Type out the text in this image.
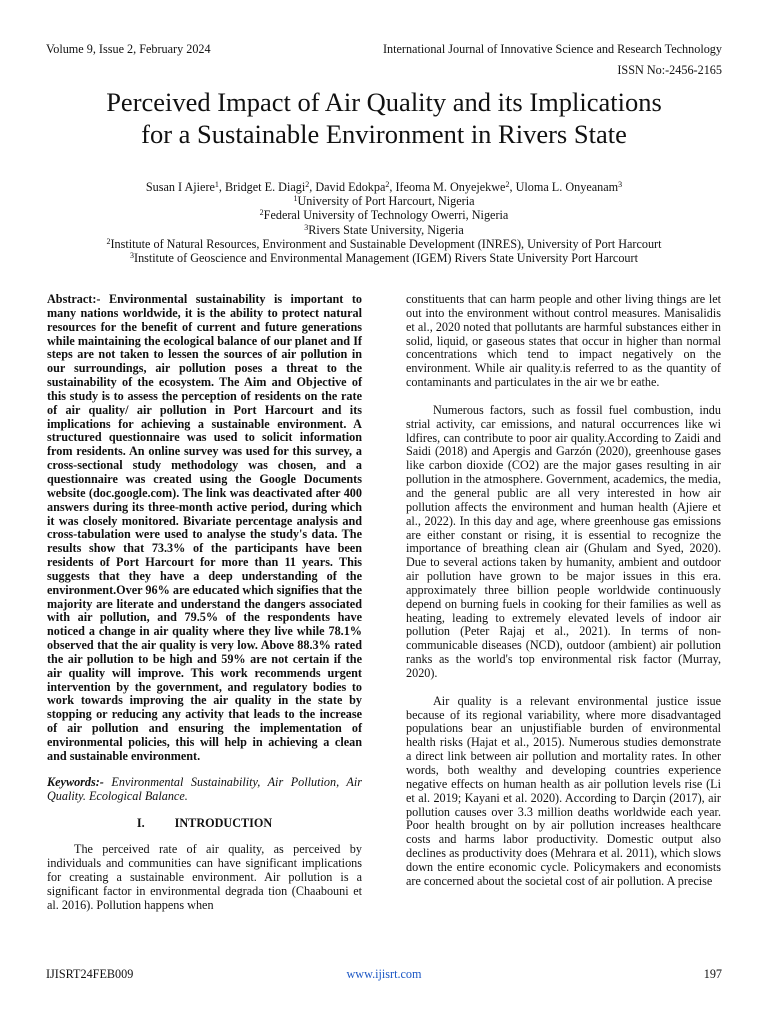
Volume 9, Issue 2, February 2024	International Journal of Innovative Science and Research Technology
ISSN No:-2456-2165
Perceived Impact of Air Quality and its Implications
for a Sustainable Environment in Rivers State
Susan I Ajiere$^1$, Bridget E. Diagi$^2$, David Edokpa$^2$, Ifeoma M. Onyejekwe$^2$, Uloma L. Onyeanam$^3$
$^1$University of Port Harcourt, Nigeria
$^2$Federal University of Technology Owerri, Nigeria
$^3$Rivers State University, Nigeria
$^2$Institute of Natural Resources, Environment and Sustainable Development (INRES), University of Port Harcourt
$^3$Institute of Geoscience and Environmental Management (IGEM) Rivers State University Port Harcourt

Abstract:- Environmental sustainability is important to many nations worldwide, it is the ability to protect natural resources for the benefit of current and future generations while maintaining the ecological balance of our planet and If steps are not taken to lessen the sources of air pollution in our surroundings, air pollution poses a threat to the sustainability of the ecosystem. The Aim and Objective of this study is to assess the perception of residents on the rate of air quality/ air pollution in Port Harcourt and its implications for achieving a sustainable environment. A structured questionnaire was used to solicit information from residents. An online survey was used for this survey, a cross-sectional study methodology was chosen, and a questionnaire was created using the Google Documents website (doc.google.com). The link was deactivated after 400 answers during its three-month active period, during which it was closely monitored. Bivariate percentage analysis and cross-tabulation were used to analyse the study's data. The results show that 73.3% of the participants have been residents of Port Harcourt for more than 11 years. This suggests that they have a deep understanding of the environment.Over 96% are educated which signifies that the majority are literate and understand the dangers associated with air pollution, and 79.5% of the respondents have noticed a change in air quality where they live while 78.1% observed that the air quality is very low. Above 88.3% rated the air pollution to be high and 59% are not certain if the air quality will improve. This work recommends urgent intervention by the government, and regulatory bodies to work towards improving the air quality in the state by stopping or reducing any activity that leads to the increase of air pollution and ensuring the implementation of environmental policies, this will help in achieving a clean and sustainable environment.

Keywords:- Environmental Sustainability, Air Pollution, Air Quality. Ecological Balance.

I. INTRODUCTION

The perceived rate of air quality, as perceived by individuals and communities can have significant implications for creating a sustainable environment. Air pollution is a significant factor in environmental degrada tion (Chaabouni et al. 2016). Pollution happens when

constituents that can harm people and other living things are let out into the environment without control measures. Manisalidis et al., 2020 noted that pollutants are harmful substances either in solid, liquid, or gaseous states that occur in higher than normal concentrations which tend to impact negatively on the environment. While air quality.is referred to as the quantity of contaminants and particulates in the air we br eathe.

Numerous factors, such as fossil fuel combustion, indu strial activity, car emissions, and natural occurrences like wi ldfires, can contribute to poor air quality.According to Zaidi and Saidi (2018) and Apergis and Garzón (2020), greenhouse gases like carbon dioxide (CO2) are the major gases resulting in air pollution in the atmosphere. Government, academics, the media, and the general public are all very interested in how air pollution affects the environment and human health (Ajiere et al., 2022). In this day and age, where greenhouse gas emissions are either constant or rising, it is essential to recognize the importance of breathing clean air (Ghulam and Syed, 2020). Due to several actions taken by humanity, ambient and outdoor air pollution have grown to be major issues in this era. approximately three billion people worldwide continuously depend on burning fuels in cooking for their families as well as heating, leading to extremely elevated levels of indoor air pollution (Peter Rajaj et al., 2021). In terms of non-communicable diseases (NCD), outdoor (ambient) air pollution ranks as the world's top environmental risk factor (Murray, 2020).

Air quality is a relevant environmental justice issue because of its regional variability, where more disadvantaged populations bear an unjustifiable burden of environmental health risks (Hajat et al., 2015). Numerous studies demonstrate a direct link between air pollution and mortality rates. In other words, both wealthy and developing countries experience negative effects on human health as air pollution levels rise (Li et al. 2019; Kayani et al. 2020). According to Darçin (2017), air pollution causes over 3.3 million deaths worldwide each year. Poor health brought on by air pollution increases healthcare costs and harms labor productivity. Domestic output also declines as productivity does (Mehrara et al. 2011), which slows down the entire economic cycle. Policymakers and economists are concerned about the societal cost of air pollution. A precise

IJISRT24FEB009	www.ijisrt.com	197
